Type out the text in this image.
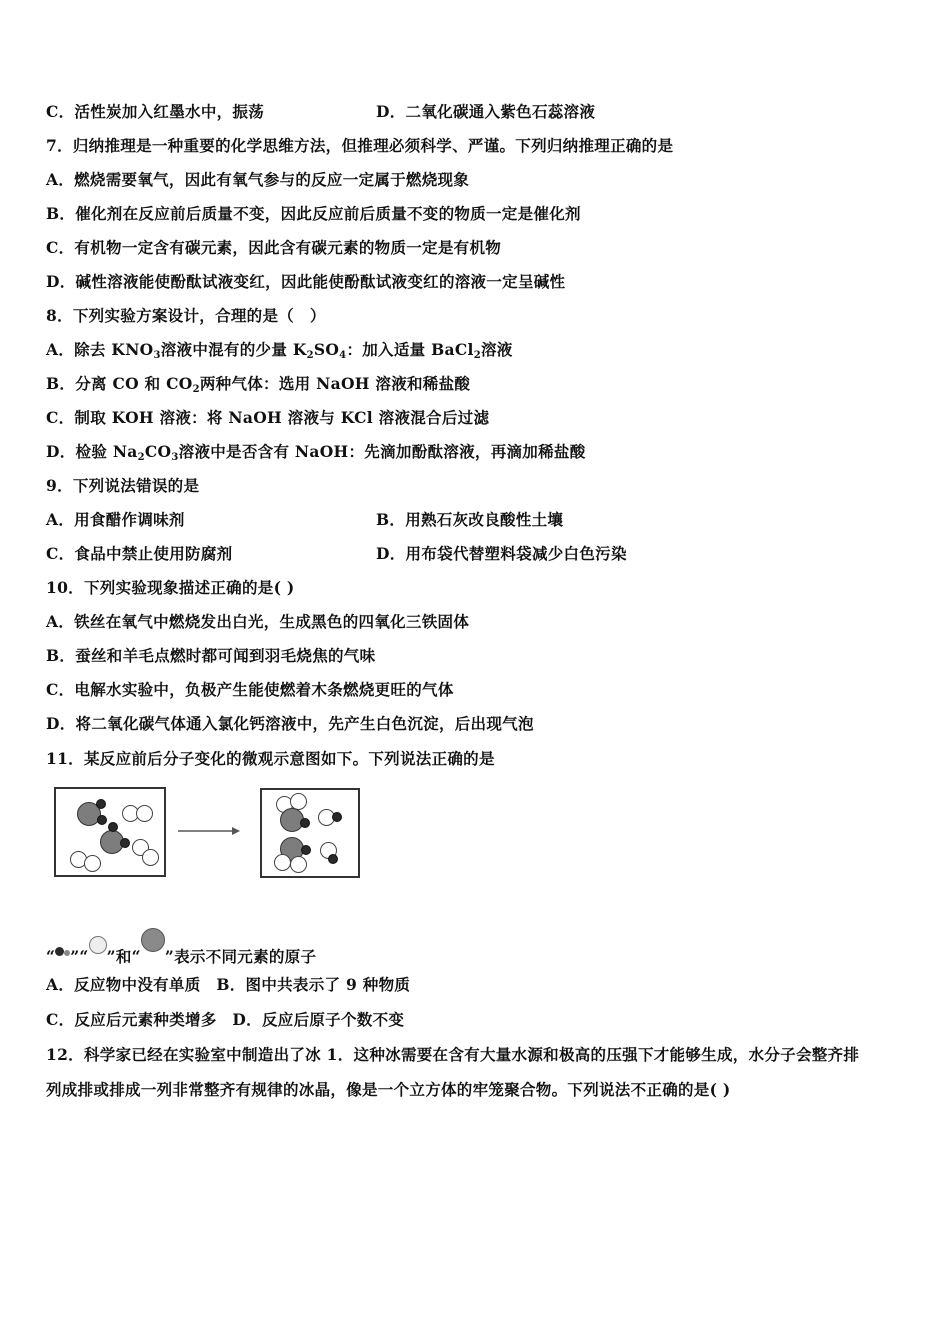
C．活性炭加入红墨水中，振荡	D．二氧化碳通入紫色石蕊溶液
7．归纳推理是一种重要的化学思维方法，但推理必须科学、严谨。下列归纳推理正确的是
A．燃烧需要氧气，因此有氧气参与的反应一定属于燃烧现象
B．催化剂在反应前后质量不变，因此反应前后质量不变的物质一定是催化剂
C．有机物一定含有碳元素，因此含有碳元素的物质一定是有机物
D．碱性溶液能使酚酞试液变红，因此能使酚酞试液变红的溶液一定呈碱性
8．下列实验方案设计，合理的是（　）
A．除去 $KNO_3$溶液中混有的少量 $K_2SO_4$：加入适量 BaCl$_2$溶液
B．分离 CO 和 $CO_2$两种气体：选用 NaOH 溶液和稀盐酸
C．制取 KOH 溶液：将 NaOH 溶液与 KCl 溶液混合后过滤
D．检验 $Na_2CO_3$溶液中是否含有 NaOH：先滴加酚酞溶液，再滴加稀盐酸
9．下列说法错误的是
A．用食醋作调味剂	B．用熟石灰改良酸性土壤
C．食品中禁止使用防腐剂	D．用布袋代替塑料袋减少白色污染
10．下列实验现象描述正确的是( )
A．铁丝在氧气中燃烧发出白光，生成黑色的四氧化三铁固体
B．蚕丝和羊毛点燃时都可闻到羽毛烧焦的气味
C．电解水实验中，负极产生能使燃着木条燃烧更旺的气体
D．将二氧化碳气体通入氯化钙溶液中，先产生白色沉淀，后出现气泡
11．某反应前后分子变化的微观示意图如下。下列说法正确的是
“ ”“ ”和“ ”表示不同元素的原子
A．反应物中没有单质　B．图中共表示了 9 种物质
C．反应后元素种类增多　D．反应后原子个数不变
12．科学家已经在实验室中制造出了冰 1．这种冰需要在含有大量水源和极高的压强下才能够生成，水分子会整齐排
列成排或排成一列非常整齐有规律的冰晶，像是一个立方体的牢笼聚合物。下列说法不正确的是( )
